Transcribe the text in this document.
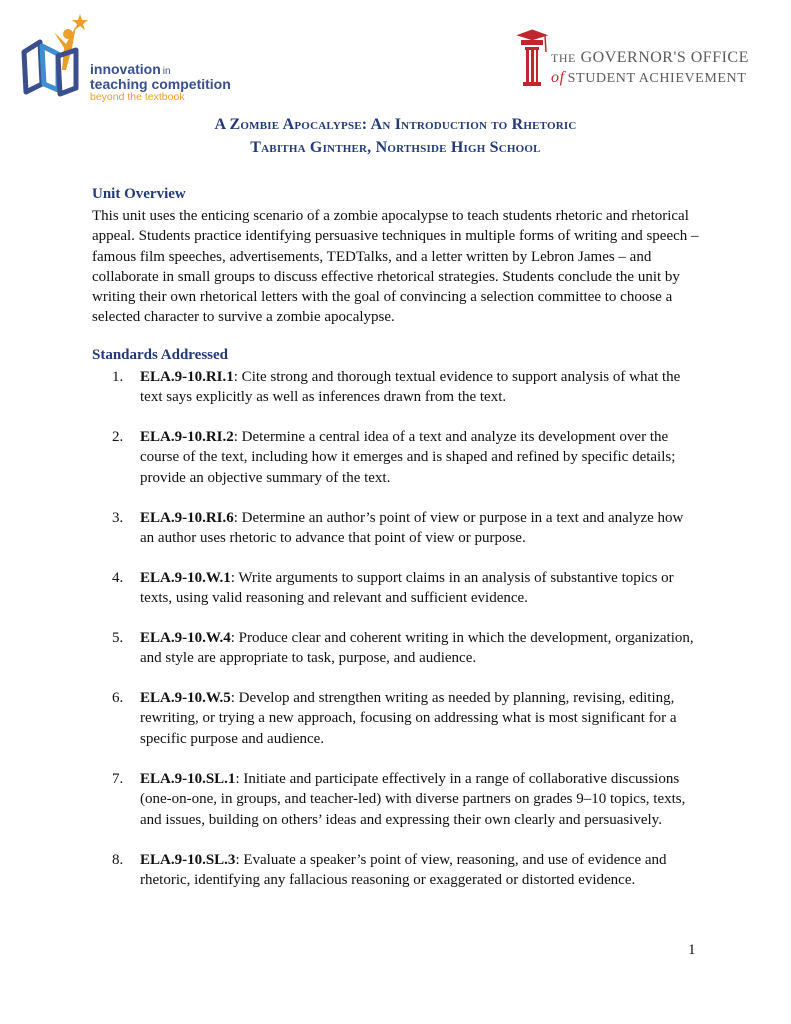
innovation in
teaching competition
beyond the textbook
THE GOVERNOR'S OFFICE
of STUDENT ACHIEVEMENT
A Zombie Apocalypse: An Introduction to Rhetoric
Tabitha Ginther, Northside High School
Unit Overview
This unit uses the enticing scenario of a zombie apocalypse to teach students rhetoric and rhetorical
appeal. Students practice identifying persuasive techniques in multiple forms of writing and speech –
famous film speeches, advertisements, TEDTalks, and a letter written by Lebron James – and
collaborate in small groups to discuss effective rhetorical strategies. Students conclude the unit by
writing their own rhetorical letters with the goal of convincing a selection committee to choose a
selected character to survive a zombie apocalypse.
Standards Addressed
1.	ELA.9-10.RI.1: Cite strong and thorough textual evidence to support analysis of what the
text says explicitly as well as inferences drawn from the text.
2.	ELA.9-10.RI.2: Determine a central idea of a text and analyze its development over the
course of the text, including how it emerges and is shaped and refined by specific details;
provide an objective summary of the text.
3.	ELA.9-10.RI.6: Determine an author’s point of view or purpose in a text and analyze how
an author uses rhetoric to advance that point of view or purpose.
4.	ELA.9-10.W.1: Write arguments to support claims in an analysis of substantive topics or
texts, using valid reasoning and relevant and sufficient evidence.
5.	ELA.9-10.W.4: Produce clear and coherent writing in which the development, organization,
and style are appropriate to task, purpose, and audience.
6.	ELA.9-10.W.5: Develop and strengthen writing as needed by planning, revising, editing,
rewriting, or trying a new approach, focusing on addressing what is most significant for a
specific purpose and audience.
7.	ELA.9-10.SL.1: Initiate and participate effectively in a range of collaborative discussions
(one-on-one, in groups, and teacher-led) with diverse partners on grades 9–10 topics, texts,
and issues, building on others’ ideas and expressing their own clearly and persuasively.
8.	ELA.9-10.SL.3: Evaluate a speaker’s point of view, reasoning, and use of evidence and
rhetoric, identifying any fallacious reasoning or exaggerated or distorted evidence.
1
